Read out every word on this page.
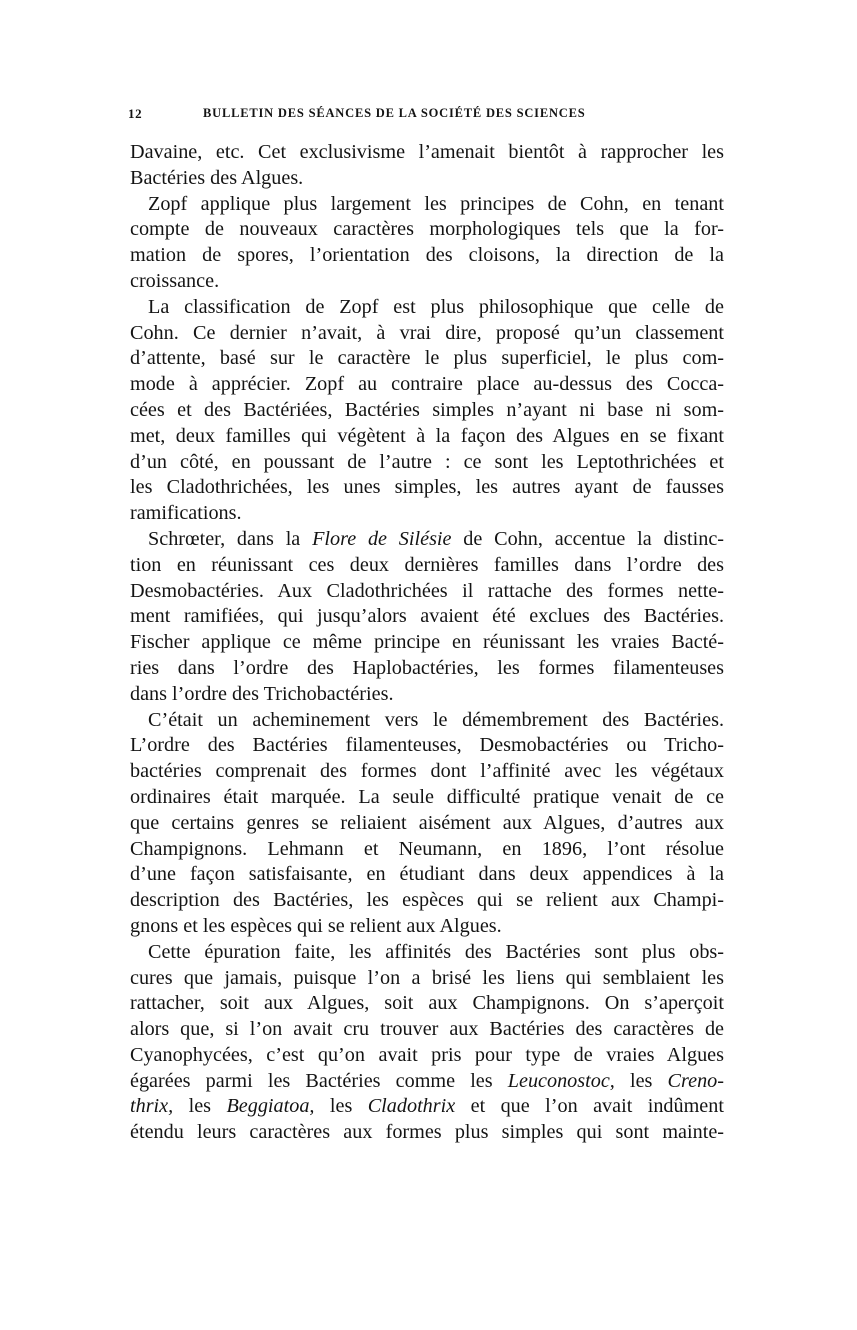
12	BULLETIN DES SÉANCES DE LA SOCIÉTÉ DES SCIENCES
Davaine, etc. Cet exclusivisme l’amenait bientôt à rapprocher les
Bactéries des Algues.
Zopf applique plus largement les principes de Cohn, en tenant
compte de nouveaux caractères morphologiques tels que la for-
mation de spores, l’orientation des cloisons, la direction de la
croissance.
La classification de Zopf est plus philosophique que celle de
Cohn. Ce dernier n’avait, à vrai dire, proposé qu’un classement
d’attente, basé sur le caractère le plus superficiel, le plus com-
mode à apprécier. Zopf au contraire place au-dessus des Cocca-
cées et des Bactériées, Bactéries simples n’ayant ni base ni som-
met, deux familles qui végètent à la façon des Algues en se fixant
d’un côté, en poussant de l’autre : ce sont les Leptothrichées et
les Cladothrichées, les unes simples, les autres ayant de fausses
ramifications.
Schrœter, dans la Flore de Silésie de Cohn, accentue la distinc-
tion en réunissant ces deux dernières familles dans l’ordre des
Desmobactéries. Aux Cladothrichées il rattache des formes nette-
ment ramifiées, qui jusqu’alors avaient été exclues des Bactéries.
Fischer applique ce même principe en réunissant les vraies Bacté-
ries dans l’ordre des Haplobactéries, les formes filamenteuses
dans l’ordre des Trichobactéries.
C’était un acheminement vers le démembrement des Bactéries.
L’ordre des Bactéries filamenteuses, Desmobactéries ou Tricho-
bactéries comprenait des formes dont l’affinité avec les végétaux
ordinaires était marquée. La seule difficulté pratique venait de ce
que certains genres se reliaient aisément aux Algues, d’autres aux
Champignons. Lehmann et Neumann, en 1896, l’ont résolue
d’une façon satisfaisante, en étudiant dans deux appendices à la
description des Bactéries, les espèces qui se relient aux Champi-
gnons et les espèces qui se relient aux Algues.
Cette épuration faite, les affinités des Bactéries sont plus obs-
cures que jamais, puisque l’on a brisé les liens qui semblaient les
rattacher, soit aux Algues, soit aux Champignons. On s’aperçoit
alors que, si l’on avait cru trouver aux Bactéries des caractères de
Cyanophycées, c’est qu’on avait pris pour type de vraies Algues
égarées parmi les Bactéries comme les Leuconostoc, les Creno-
thrix, les Beggiatoa, les Cladothrix et que l’on avait indûment
étendu leurs caractères aux formes plus simples qui sont mainte-
